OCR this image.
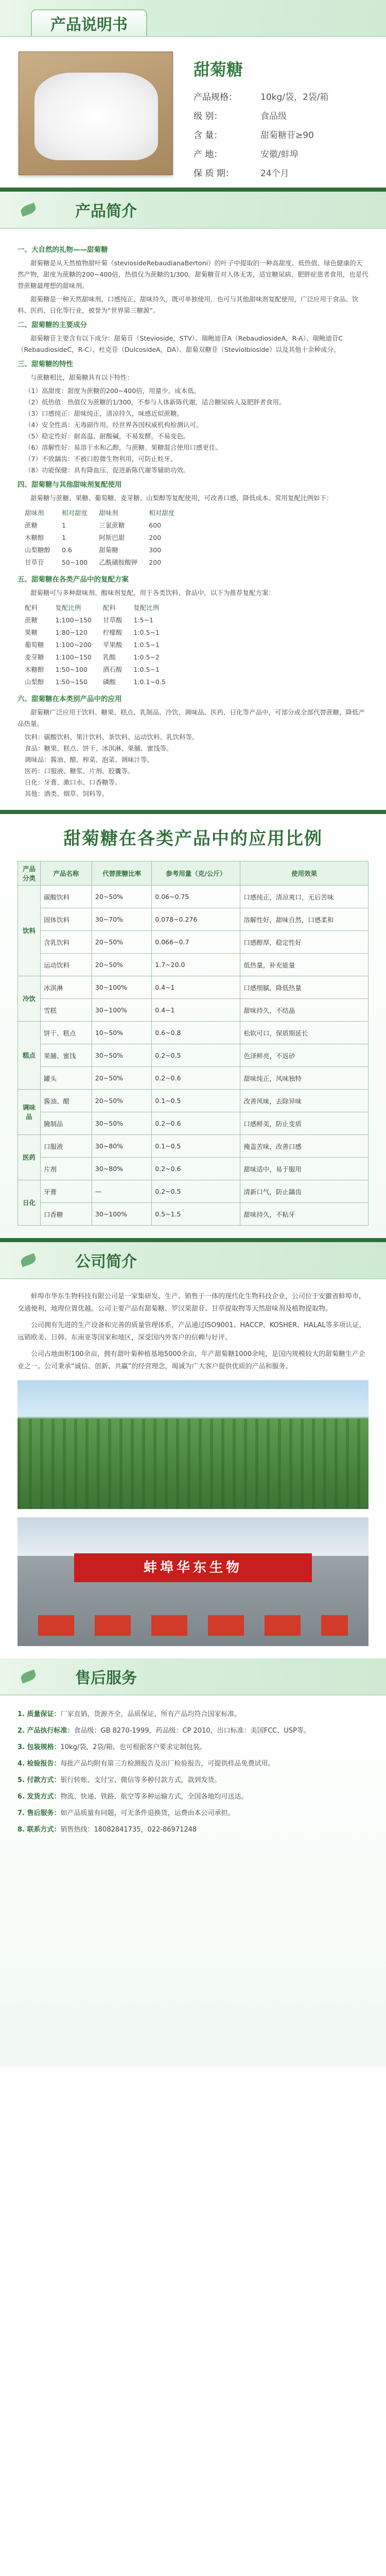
产品说明书
甜菊糖
产品规格：	10kg/袋，2袋/箱
级 别：	食品级
含 量：	甜菊糖苷≥90
产 地：	安徽/蚌埠
保 质 期：	24个月
产品简介
一、大自然的礼物——甜菊糖

甜菊糖是从天然植物甜叶菊（steviosideRebaudianaBertoni）的叶子中提取的一种高甜度、低热值、绿色健康的天然产物，甜度为蔗糖的200~400倍，热值仅为蔗糖的1/300。甜菊糖苷对人体无害，适宜糖尿病、肥胖症患者食用，也是代替蔗糖最理想的甜味剂。

甜菊糖是一种天然甜味剂，口感纯正、甜味持久，既可单独使用，也可与其他甜味剂复配使用，广泛应用于食品、饮料、医药、日化等行业，被誉为“世界第三糖源”。

二、甜菊糖的主要成分

甜菊糖苷主要含有以下成分：甜菊苷（Stevioside，STV）、瑞鲍迪苷A（RebaudiosideA，R-A）、瑞鲍迪苷C（RebaudiosideC，R-C）、杜克苷（DulcosideA，DA）、甜菊双糖苷（Steviolbioside）以及其他十余种成分。

三、甜菊糖的特性

与蔗糖相比，甜菊糖具有以下特性：

（1）高甜度：甜度为蔗糖的200~400倍，用量少，成本低。
（2）低热值：热值仅为蔗糖的1/300，不参与人体新陈代谢，适合糖尿病人及肥胖者食用。
（3）口感纯正：甜味纯正，清凉持久，味感近似蔗糖。
（4）安全性高：无毒副作用，经世界各国权威机构检测认可。
（5）稳定性好：耐高温、耐酸碱，不易发酵，不易变色。
（6）溶解性好：易溶于水和乙醇，与蔗糖、果糖混合使用口感更佳。
（7）不致龋齿：不被口腔微生物利用，可防止蛀牙。
（8）功能保健：具有降血压、促进新陈代谢等辅助功效。
四、甜菊糖与其他甜味剂复配使用

甜菊糖与蔗糖、果糖、葡萄糖、麦芽糖、山梨醇等复配使用，可改善口感，降低成本。常用复配比例如下：

甜味剂	相对甜度	甜味剂	相对甜度
蔗糖	1	三氯蔗糖	600
木糖醇	1	阿斯巴甜	200
山梨糖醇	0.6	甜菊糖	300
甘草苷	50~100	乙酰磺胺酸钾	200
五、甜菊糖在各类产品中的复配方案

甜菊糖可与多种甜味剂、酸味剂复配，用于各类饮料、食品中，以下为推荐复配方案：

配料	复配比例	配料	复配比例
蔗糖	1:100~150	甘草酸	1:5~1
果糖	1:80~120	柠檬酸	1:0.5~1
葡萄糖	1:100~200	苹果酸	1:0.5~1
麦芽糖	1:100~150	乳酸	1:0.5~2
木糖醇	1:50~100	酒石酸	1:0.5~1
山梨醇	1:50~150	磷酸	1:0.1~0.5
六、甜菊糖在本类别产品中的应用

甜菊糖广泛应用于饮料、糖果、糕点、乳制品、冷饮、调味品、医药、日化等产品中，可部分或全部代替蔗糖，降低产品热量。

饮料：碳酸饮料、果汁饮料、茶饮料、运动饮料、乳饮料等。
食品：糖果、糕点、饼干、冰淇淋、果脯、蜜饯等。
调味品：酱油、醋、榨菜、泡菜、调味汁等。
医药：口服液、糖浆、片剂、胶囊等。
日化：牙膏、漱口水、口香糖等。
其他：酒类、烟草、饲料等。
甜菊糖在各类产品中的应用比例
产品分类	产品名称	代替蔗糖比率	参考用量（克/公斤）	使用效果
饮料	碳酸饮料	20~50%	0.06~0.75	口感纯正，清凉爽口，无后苦味
	固体饮料	30~70%	0.078~0.276	溶解性好，甜味自然，口感柔和
	含乳饮料	20~50%	0.066~0.7	口感醇厚，稳定性好
	运动饮料	20~50%	1.7~20.0	低热量，补充能量
冷饮	冰淇淋	30~100%	0.4~1	口感细腻，降低热量
	雪糕	30~100%	0.4~1	甜味持久，不结晶
糕点	饼干、糕点	10~50%	0.6~0.8	松软可口，保质期延长
	果脯、蜜饯	30~50%	0.2~0.5	色泽鲜亮，不返砂
	罐头	20~50%	0.2~0.6	甜味纯正，风味独特
调味品	酱油、醋	20~50%	0.1~0.5	改善风味，去除异味
	腌制品	30~50%	0.2~0.6	口感鲜美，防止变质
医药	口服液	30~80%	0.1~0.5	掩盖苦味，改善口感
	片剂	30~80%	0.2~0.6	甜味适中，易于服用
日化	牙膏	—	0.2~0.5	清新口气，防止龋齿
	口香糖	30~100%	0.5~1.5	甜味持久，不粘牙
公司简介

蚌埠市华东生物科技有限公司是一家集研发、生产、销售于一体的现代化生物科技企业，公司位于安徽省蚌埠市，交通便利，地理位置优越。公司主要产品有甜菊糖、罗汉果甜苷、甘草提取物等天然甜味剂及植物提取物。

公司拥有先进的生产设备和完善的质量管理体系，产品通过ISO9001、HACCP、KOSHER、HALAL等多项认证，远销欧美、日韩、东南亚等国家和地区，深受国内外客户的信赖与好评。

公司占地面积100余亩，拥有甜叶菊种植基地5000余亩，年产甜菊糖1000余吨，是国内规模较大的甜菊糖生产企业之一。公司秉承“诚信、创新、共赢”的经营理念，竭诚为广大客户提供优质的产品和服务。

蚌埠华东生物
售后服务
1. 质量保证：厂家直销，货源齐全，品质保证，所有产品均符合国家标准。
2. 产品执行标准：食品级：GB 8270-1999，药品级：CP 2010，出口标准：美国FCC、USP等。
3. 包装规格：10kg/袋，2袋/箱，也可根据客户要求定制包装。
4. 检验报告：每批产品均附有第三方检测报告及出厂检验报告，可提供样品免费试用。
5. 付款方式：银行转账、支付宝、微信等多种付款方式，款到发货。
6. 发货方式：物流、快递、铁路、航空等多种运输方式，全国各地均可送达。
7. 售后服务：如产品质量有问题，可无条件退换货，运费由本公司承担。
8. 联系方式：销售热线：18082841735，022-86971248
